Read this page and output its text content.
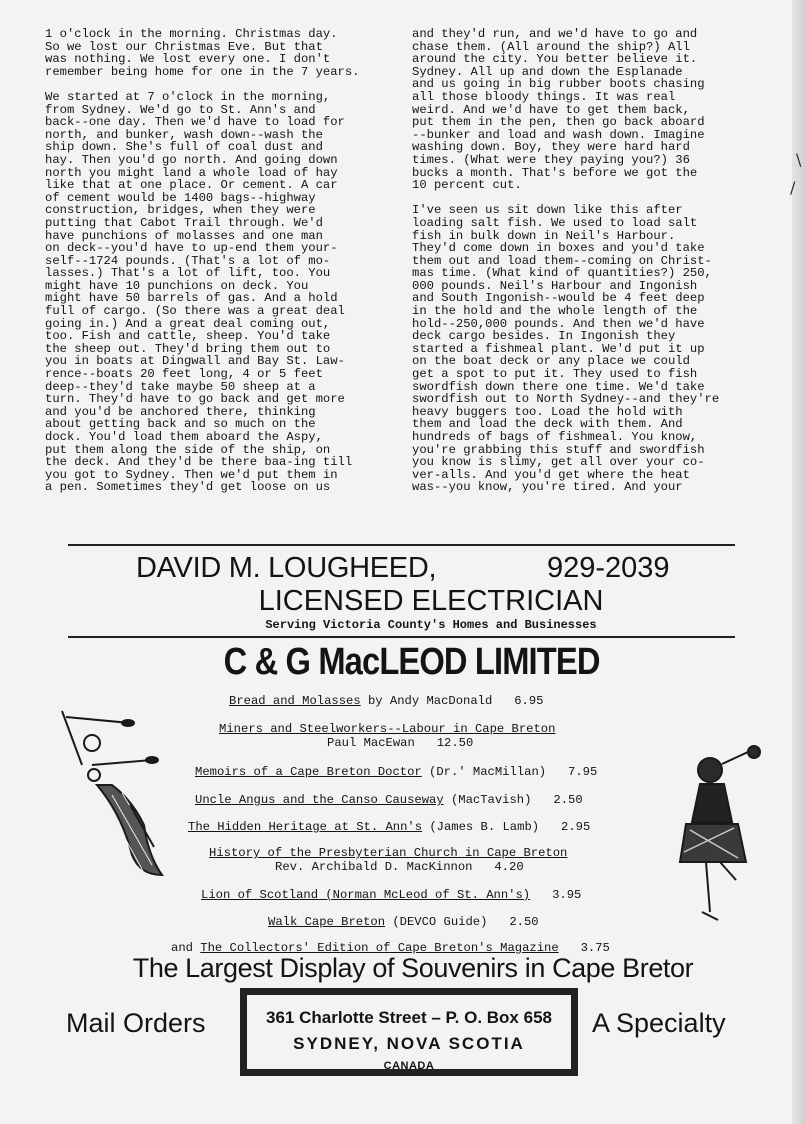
\
/

1 o'clock in the morning. Christmas day.
So we lost our Christmas Eve. But that
was nothing. We lost every one. I don't
remember being home for one in the 7 years.

We started at 7 o'clock in the morning,
from Sydney. We'd go to St. Ann's and
back--one day. Then we'd have to load for
north, and bunker, wash down--wash the
ship down. She's full of coal dust and
hay. Then you'd go north. And going down
north you might land a whole load of hay
like that at one place. Or cement. A car
of cement would be 1400 bags--highway
construction, bridges, when they were
putting that Cabot Trail through. We'd
have punchions of molasses and one man
on deck--you'd have to up-end them your-
self--1724 pounds. (That's a lot of mo-
lasses.) That's a lot of lift, too. You
might have 10 punchions on deck. You
might have 50 barrels of gas. And a hold
full of cargo. (So there was a great deal
going in.) And a great deal coming out,
too. Fish and cattle, sheep. You'd take
the sheep out. They'd bring them out to
you in boats at Dingwall and Bay St. Law-
rence--boats 20 feet long, 4 or 5 feet
deep--they'd take maybe 50 sheep at a
turn. They'd have to go back and get more
and you'd be anchored there, thinking
about getting back and so much on the
dock. You'd load them aboard the Aspy,
put them along the side of the ship, on
the deck. And they'd be there baa-ing till
you got to Sydney. Then we'd put them in
a pen. Sometimes they'd get loose on us

and they'd run, and we'd have to go and
chase them. (All around the ship?) All
around the city. You better believe it.
Sydney. All up and down the Esplanade
and us going in big rubber boots chasing
all those bloody things. It was real
weird. And we'd have to get them back,
put them in the pen, then go back aboard
--bunker and load and wash down. Imagine
washing down. Boy, they were hard hard
times. (What were they paying you?) 36
bucks a month. That's before we got the
10 percent cut.

I've seen us sit down like this after
loading salt fish. We used to load salt
fish in bulk down in Neil's Harbour.
They'd come down in boxes and you'd take
them out and load them--coming on Christ-
mas time. (What kind of quantities?) 250,
000 pounds. Neil's Harbour and Ingonish
and South Ingonish--would be 4 feet deep
in the hold and the whole length of the
hold--250,000 pounds. And then we'd have
deck cargo besides. In Ingonish they
started a fishmeal plant. We'd put it up
on the boat deck or any place we could
get a spot to put it. They used to fish
swordfish down there one time. We'd take
swordfish out to North Sydney--and they're
heavy buggers too. Load the hold with
them and load the deck with them. And
hundreds of bags of fishmeal. You know,
you're grabbing this stuff and swordfish
you know is slimy, get all over your co-
ver-alls. And you'd get where the heat
was--you know, you're tired. And your

DAVID M. LOUGHEED,	929-2039
LICENSED ELECTRICIAN
Serving Victoria County's Homes and Businesses
C & G MacLEOD LIMITED
Bread and Molasses by Andy MacDonald   6.95
Miners and Steelworkers--Labour in Cape Breton
Paul MacEwan   12.50
Memoirs of a Cape Breton Doctor (Dr.' MacMillan)   7.95
Uncle Angus and the Canso Causeway (MacTavish)   2.50
The Hidden Heritage at St. Ann's (James B. Lamb)   2.95
History of the Presbyterian Church in Cape Breton
Rev. Archibald D. MacKinnon   4.20
Lion of Scotland (Norman McLeod of St. Ann's)   3.95
Walk Cape Breton (DEVCO Guide)   2.50
and The Collectors' Edition of Cape Breton's Magazine   3.75
The Largest Display of Souvenirs in Cape Bretor
Mail Orders	A Specialty
361 Charlotte Street – P. O. Box 658
SYDNEY, NOVA SCOTIA
CANADA
